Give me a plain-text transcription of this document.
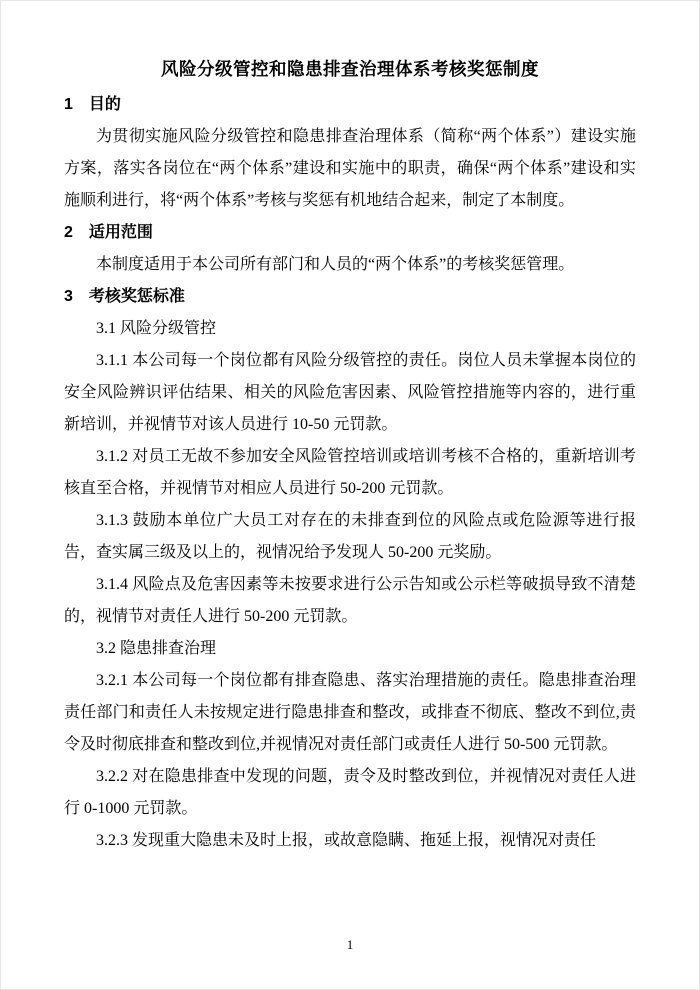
风险分级管控和隐患排查治理体系考核奖惩制度
1　目的
为贯彻实施风险分级管控和隐患排查治理体系（简称“两个体系”）建设实施方案，落实各岗位在“两个体系”建设和实施中的职责，确保“两个体系”建设和实施顺利进行，将“两个体系”考核与奖惩有机地结合起来，制定了本制度。
2　适用范围
本制度适用于本公司所有部门和人员的“两个体系”的考核奖惩管理。
3　考核奖惩标准
3.1 风险分级管控
3.1.1 本公司每一个岗位都有风险分级管控的责任。岗位人员未掌握本岗位的安全风险辨识评估结果、相关的风险危害因素、风险管控措施等内容的，进行重新培训，并视情节对该人员进行 10-50 元罚款。
3.1.2 对员工无故不参加安全风险管控培训或培训考核不合格的，重新培训考核直至合格，并视情节对相应人员进行 50-200 元罚款。
3.1.3 鼓励本单位广大员工对存在的未排查到位的风险点或危险源等进行报告，查实属三级及以上的，视情况给予发现人 50-200 元奖励。
3.1.4 风险点及危害因素等未按要求进行公示告知或公示栏等破损导致不清楚的，视情节对责任人进行 50-200 元罚款。
3.2 隐患排查治理
3.2.1 本公司每一个岗位都有排查隐患、落实治理措施的责任。隐患排查治理责任部门和责任人未按规定进行隐患排查和整改，或排查不彻底、整改不到位,责令及时彻底排查和整改到位,并视情况对责任部门或责任人进行 50-500 元罚款。
3.2.2 对在隐患排查中发现的问题，责令及时整改到位，并视情况对责任人进行 0-1000 元罚款。
3.2.3 发现重大隐患未及时上报，或故意隐瞒、拖延上报，视情况对责任
1
